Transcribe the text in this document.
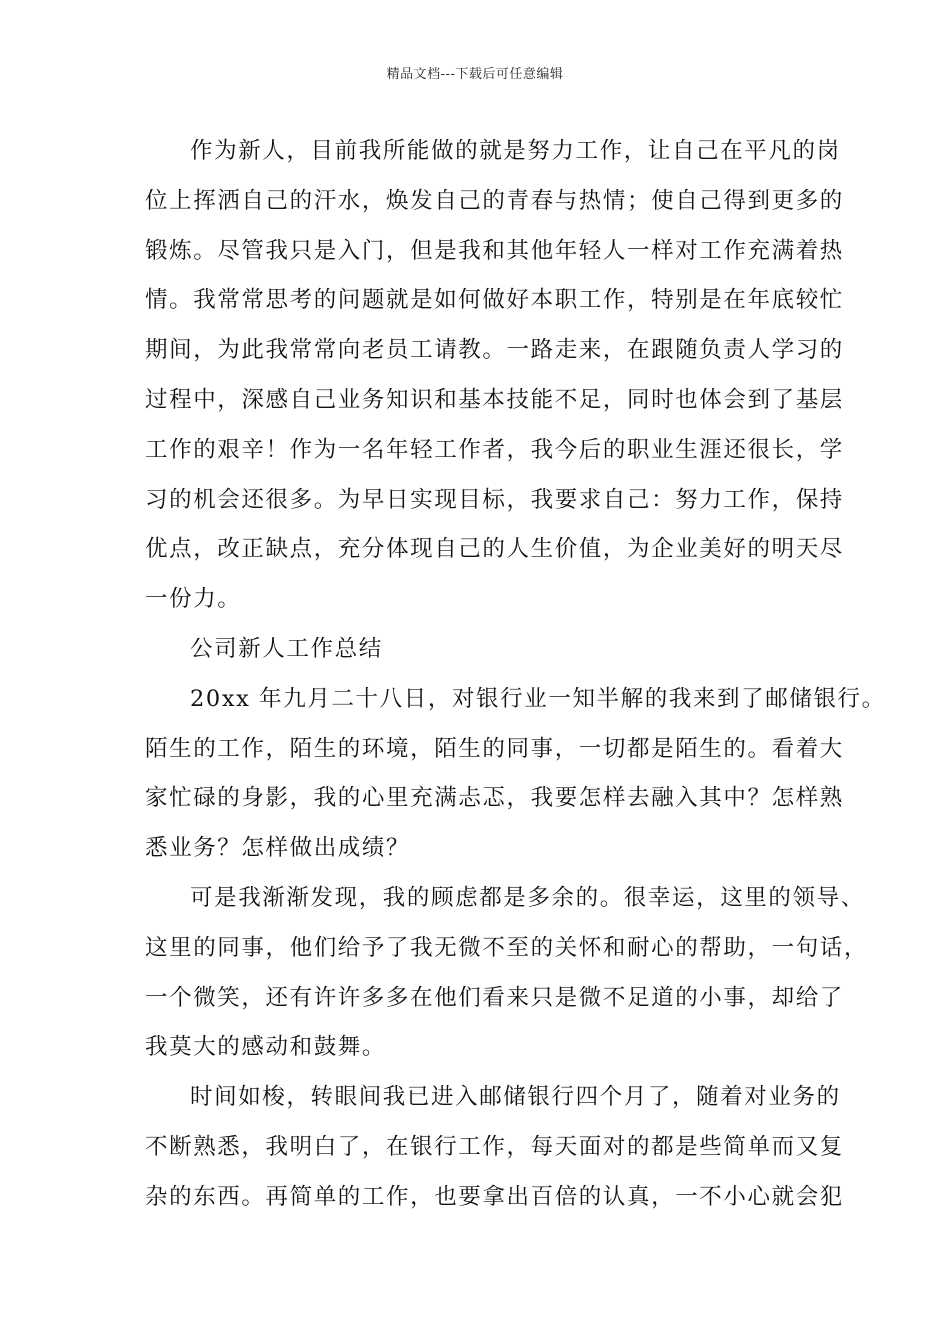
精品文档---下载后可任意编辑
作为新人，目前我所能做的就是努力工作，让自己在平凡的岗
位上挥洒自己的汗水，焕发自己的青春与热情；使自己得到更多的
锻炼。尽管我只是入门，但是我和其他年轻人一样对工作充满着热
情。我常常思考的问题就是如何做好本职工作，特别是在年底较忙
期间，为此我常常向老员工请教。一路走来，在跟随负责人学习的
过程中，深感自己业务知识和基本技能不足，同时也体会到了基层
工作的艰辛！作为一名年轻工作者，我今后的职业生涯还很长，学
习的机会还很多。为早日实现目标，我要求自己：努力工作，保持
优点，改正缺点，充分体现自己的人生价值，为企业美好的明天尽
一份力。
公司新人工作总结
20xx 年九月二十八日，对银行业一知半解的我来到了邮储银行。
陌生的工作，陌生的环境，陌生的同事，一切都是陌生的。看着大
家忙碌的身影，我的心里充满忐忑，我要怎样去融入其中？怎样熟
悉业务？怎样做出成绩？
可是我渐渐发现，我的顾虑都是多余的。很幸运，这里的领导、
这里的同事，他们给予了我无微不至的关怀和耐心的帮助，一句话，
一个微笑，还有许许多多在他们看来只是微不足道的小事，却给了
我莫大的感动和鼓舞。
时间如梭，转眼间我已进入邮储银行四个月了，随着对业务的
不断熟悉，我明白了，在银行工作，每天面对的都是些简单而又复
杂的东西。再简单的工作，也要拿出百倍的认真，一不小心就会犯
